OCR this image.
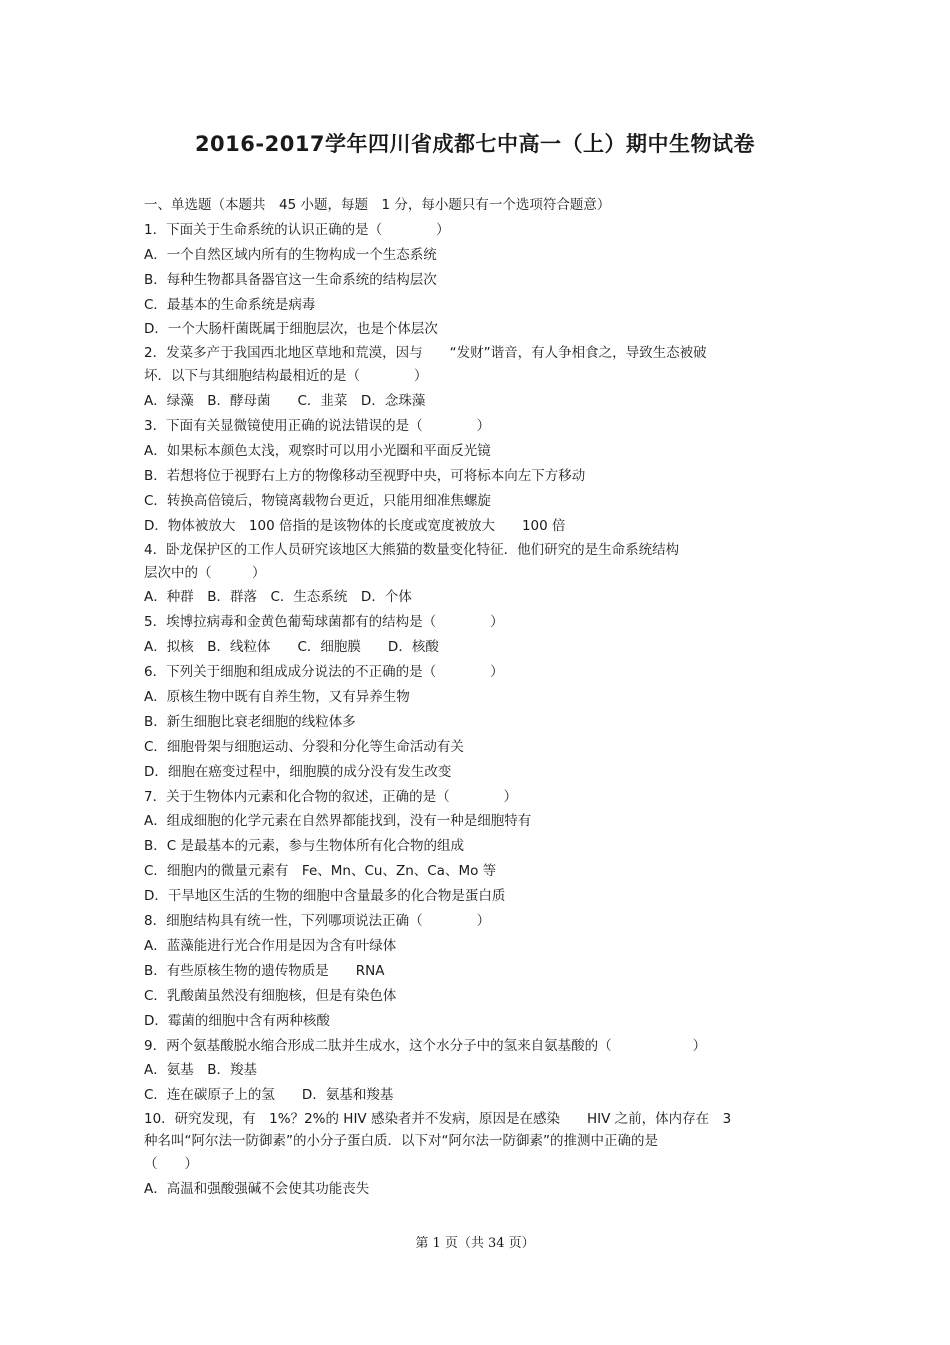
2016-2017学年四川省成都七中高一（上）期中生物试卷
一、单选题（本题共　45 小题，每题　1 分，每小题只有一个选项符合题意）
1．下面关于生命系统的认识正确的是（　　　　）
A．一个自然区域内所有的生物构成一个生态系统
B．每种生物都具备器官这一生命系统的结构层次
C．最基本的生命系统是病毒
D．一个大肠杆菌既属于细胞层次，也是个体层次
2．发菜多产于我国西北地区草地和荒漠，因与　　“发财”谐音，有人争相食之，导致生态被破
坏．以下与其细胞结构最相近的是（　　　　）
A．绿藻　B．酵母菌　　C．韭菜　D．念珠藻
3．下面有关显微镜使用正确的说法错误的是（　　　　）
A．如果标本颜色太浅，观察时可以用小光圈和平面反光镜
B．若想将位于视野右上方的物像移动至视野中央，可将标本向左下方移动
C．转换高倍镜后，物镜离载物台更近，只能用细准焦螺旋
D．物体被放大　100 倍指的是该物体的长度或宽度被放大　　100 倍
4．卧龙保护区的工作人员研究该地区大熊猫的数量变化特征．他们研究的是生命系统结构
层次中的（　　　）
A．种群　B．群落　C．生态系统　D．个体
5．埃博拉病毒和金黄色葡萄球菌都有的结构是（　　　　）
A．拟核　B．线粒体　　C．细胞膜　　D．核酸
6．下列关于细胞和组成成分说法的不正确的是（　　　　）
A．原核生物中既有自养生物，又有异养生物
B．新生细胞比衰老细胞的线粒体多
C．细胞骨架与细胞运动、分裂和分化等生命活动有关
D．细胞在癌变过程中，细胞膜的成分没有发生改变
7．关于生物体内元素和化合物的叙述，正确的是（　　　　）
A．组成细胞的化学元素在自然界都能找到，没有一种是细胞特有
B．C 是最基本的元素，参与生物体所有化合物的组成
C．细胞内的微量元素有　Fe、Mn、Cu、Zn、Ca、Mo 等
D．干旱地区生活的生物的细胞中含量最多的化合物是蛋白质
8．细胞结构具有统一性，下列哪项说法正确（　　　　）
A．蓝藻能进行光合作用是因为含有叶绿体
B．有些原核生物的遗传物质是　　RNA
C．乳酸菌虽然没有细胞核，但是有染色体
D．霉菌的细胞中含有两种核酸
9．两个氨基酸脱水缩合形成二肽并生成水，这个水分子中的氢来自氨基酸的（　　　　　　）
A．氨基　B．羧基
C．连在碳原子上的氢　　D．氨基和羧基
10．研究发现，有　1%？2%的 HIV 感染者并不发病，原因是在感染　　HIV 之前，体内存在　3
种名叫“阿尔法一防御素”的小分子蛋白质．以下对“阿尔法一防御素”的推测中正确的是
（　　）
A．高温和强酸强碱不会使其功能丧失
第 1 页（共 34 页）
